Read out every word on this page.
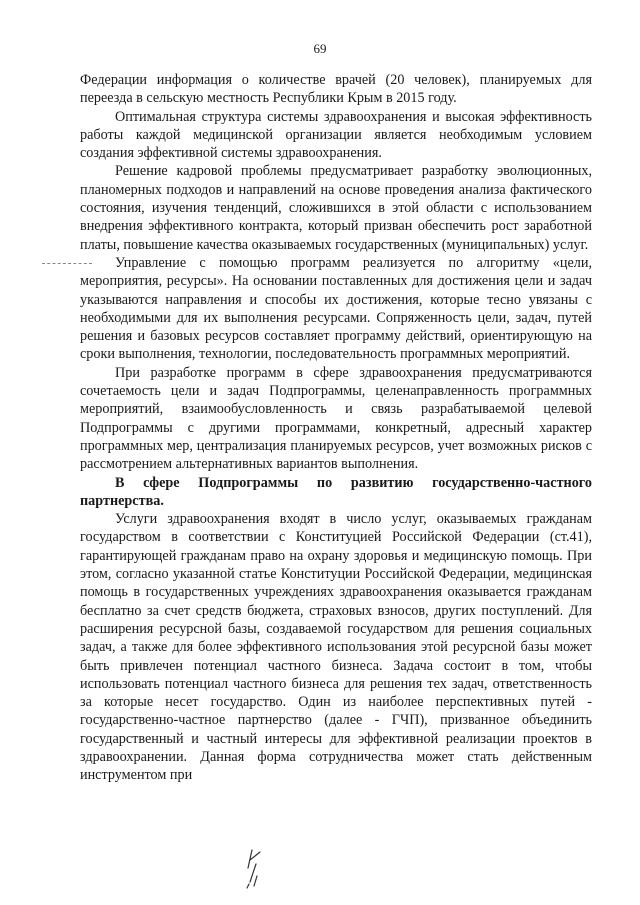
69

Федерации информация о количестве врачей (20 человек), планируемых для переезда в сельскую местность Республики Крым в 2015 году.

Оптимальная структура системы здравоохранения и высокая эффективность работы каждой медицинской организации является необходимым условием создания эффективной системы здравоохранения.

Решение кадровой проблемы предусматривает разработку эволюционных, планомерных подходов и направлений на основе проведения анализа фактического состояния, изучения тенденций, сложившихся в этой области с использованием внедрения эффективного контракта, который призван обеспечить рост заработной платы, повышение качества оказываемых государственных (муниципальных) услуг.

Управление с помощью программ реализуется по алгоритму «цели, мероприятия, ресурсы». На основании поставленных для достижения цели и задач указываются направления и способы их достижения, которые тесно увязаны с необходимыми для их выполнения ресурсами. Сопряженность цели, задач, путей решения и базовых ресурсов составляет программу действий, ориентирующую на сроки выполнения, технологии, последовательность программных мероприятий.

При разработке программ в сфере здравоохранения предусматриваются сочетаемость цели и задач Подпрограммы, целенаправленность программных мероприятий, взаимообусловленность и связь разрабатываемой целевой Подпрограммы с другими программами, конкретный, адресный характер программных мер, централизация планируемых ресурсов, учет возможных рисков с рассмотрением альтернативных вариантов выполнения.

В сфере Подпрограммы по развитию государственно-частного партнерства.

Услуги здравоохранения входят в число услуг, оказываемых гражданам государством в соответствии с Конституцией Российской Федерации (ст.41), гарантирующей гражданам право на охрану здоровья и медицинскую помощь. При этом, согласно указанной статье Конституции Российской Федерации, медицинская помощь в государственных учреждениях здравоохранения оказывается гражданам бесплатно за счет средств бюджета, страховых взносов, других поступлений. Для расширения ресурсной базы, создаваемой государством для решения социальных задач, а также для более эффективного использования этой ресурсной базы может быть привлечен потенциал частного бизнеса. Задача состоит в том, чтобы использовать потенциал частного бизнеса для решения тех задач, ответственность за которые несет государство. Один из наиболее перспективных путей - государственно-частное партнерство (далее - ГЧП), призванное объединить государственный и частный интересы для эффективной реализации проектов в здравоохранении. Данная форма сотрудничества может стать действенным инструментом при
